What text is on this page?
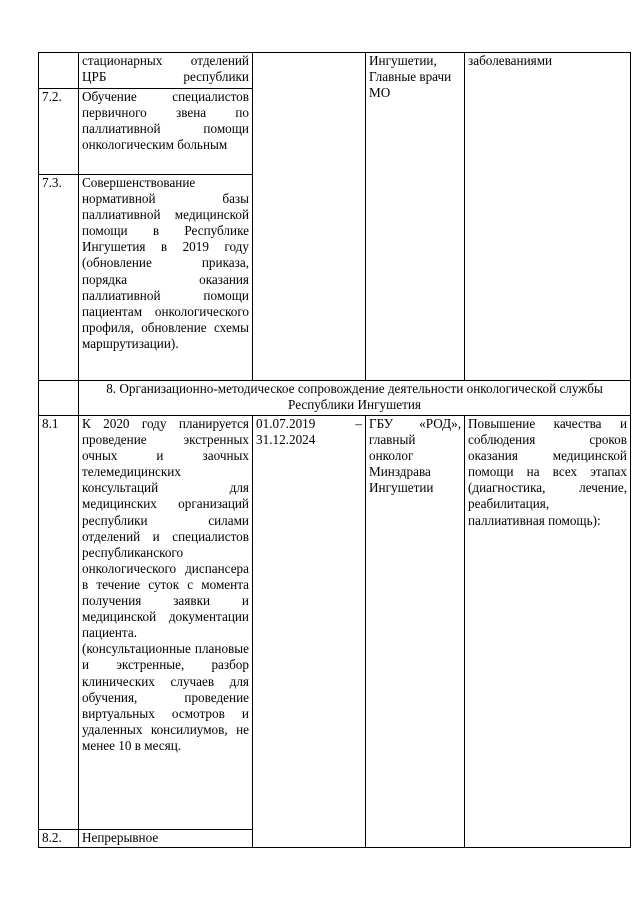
	стационарных отделений ЦРБ республики		Ингушетии, Главные врачи МО	заболеваниями
7.2.	Обучение специалистов первичного звена по паллиативной помощи онкологическим больным			
7.3.	Совершенствование нормативной базы паллиативной медицинской помощи в Республике Ингушетия в 2019 году (обновление приказа, порядка оказания паллиативной помощи пациентам онкологического профиля, обновление схемы маршрутизации).			
	8. Организационно-методическое сопровождение деятельности онкологической службы Республики Ингушетия			
8.1	К 2020 году планируется проведение экстренных очных и заочных телемедицинских консультаций для медицинских организаций республики силами отделений и специалистов республиканского онкологического диспансера в течение суток с момента получения заявки и медицинской документации пациента. (консультационные плановые и экстренные, разбор клинических случаев для обучения, проведение виртуальных осмотров и удаленных консилиумов, не менее 10 в месяц.	01.07.2019 – 31.12.2024	ГБУ «РОД», главный онколог Минздрава Ингушетии	Повышение качества и соблюдения сроков оказания медицинской помощи на всех этапах (диагностика, лечение, реабилитация, паллиативная помощь):
8.2.	Непрерывное			
